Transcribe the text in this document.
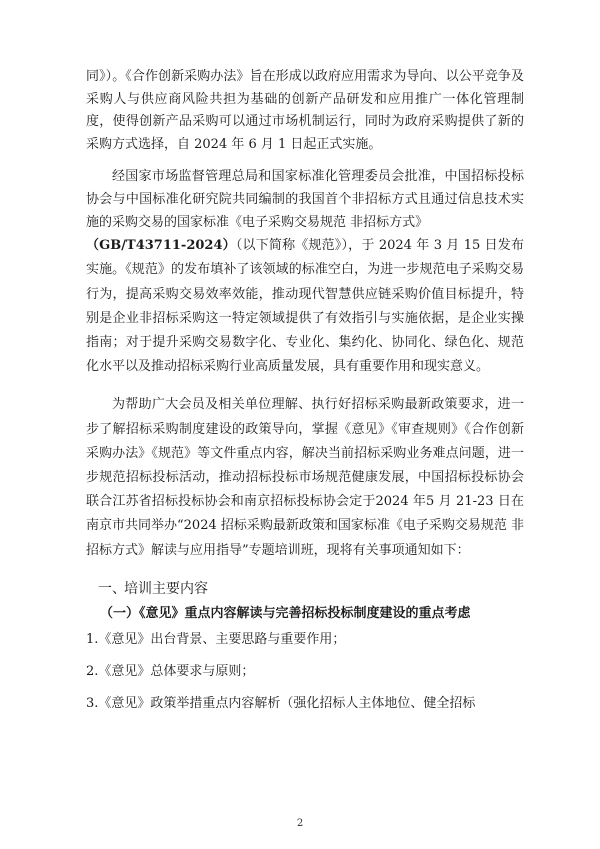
同》）。《合作创新采购办法》旨在形成以政府应用需求为导向、以公平竞争及采购人与供应商风险共担为基础的创新产品研发和应用推广一体化管理制度，使得创新产品采购可以通过市场机制运行，同时为政府采购提供了新的采购方式选择，自 2024 年 6 月 1 日起正式实施。

经国家市场监督管理总局和国家标准化管理委员会批准，中国招标投标协会与中国标准化研究院共同编制的我国首个非招标方式且通过信息技术实施的采购交易的国家标准《电子采购交易规范 非招标方式》

（GB/T43711-2024）（以下简称《规范》），于 2024 年 3 月 15 日发布实施。《规范》的发布填补了该领域的标准空白，为进一步规范电子采购交易行为，提高采购交易效率效能，推动现代智慧供应链采购价值目标提升，特别是企业非招标采购这一特定领域提供了有效指引与实施依据，是企业实操指南；对于提升采购交易数字化、专业化、集约化、协同化、绿色化、规范化水平以及推动招标采购行业高质量发展，具有重要作用和现实意义。

为帮助广大会员及相关单位理解、执行好招标采购最新政策要求，进一步了解招标采购制度建设的政策导向，掌握《意见》《审查规则》《合作创新采购办法》《规范》等文件重点内容，解决当前招标采购业务难点问题，进一步规范招标投标活动，推动招标投标市场规范健康发展，中国招标投标协会联合江苏省招标投标协会和南京招标投标协会定于2024 年5 月 21-23 日在南京市共同举办“2024 招标采购最新政策和国家标准《电子采购交易规范 非招标方式》解读与应用指导”专题培训班，现将有关事项通知如下：

一、培训主要内容
（一）《意见》重点内容解读与完善招标投标制度建设的重点考虑
1.《意见》出台背景、主要思路与重要作用；
2.《意见》总体要求与原则；
3.《意见》政策举措重点内容解析（强化招标人主体地位、健全招标
2
